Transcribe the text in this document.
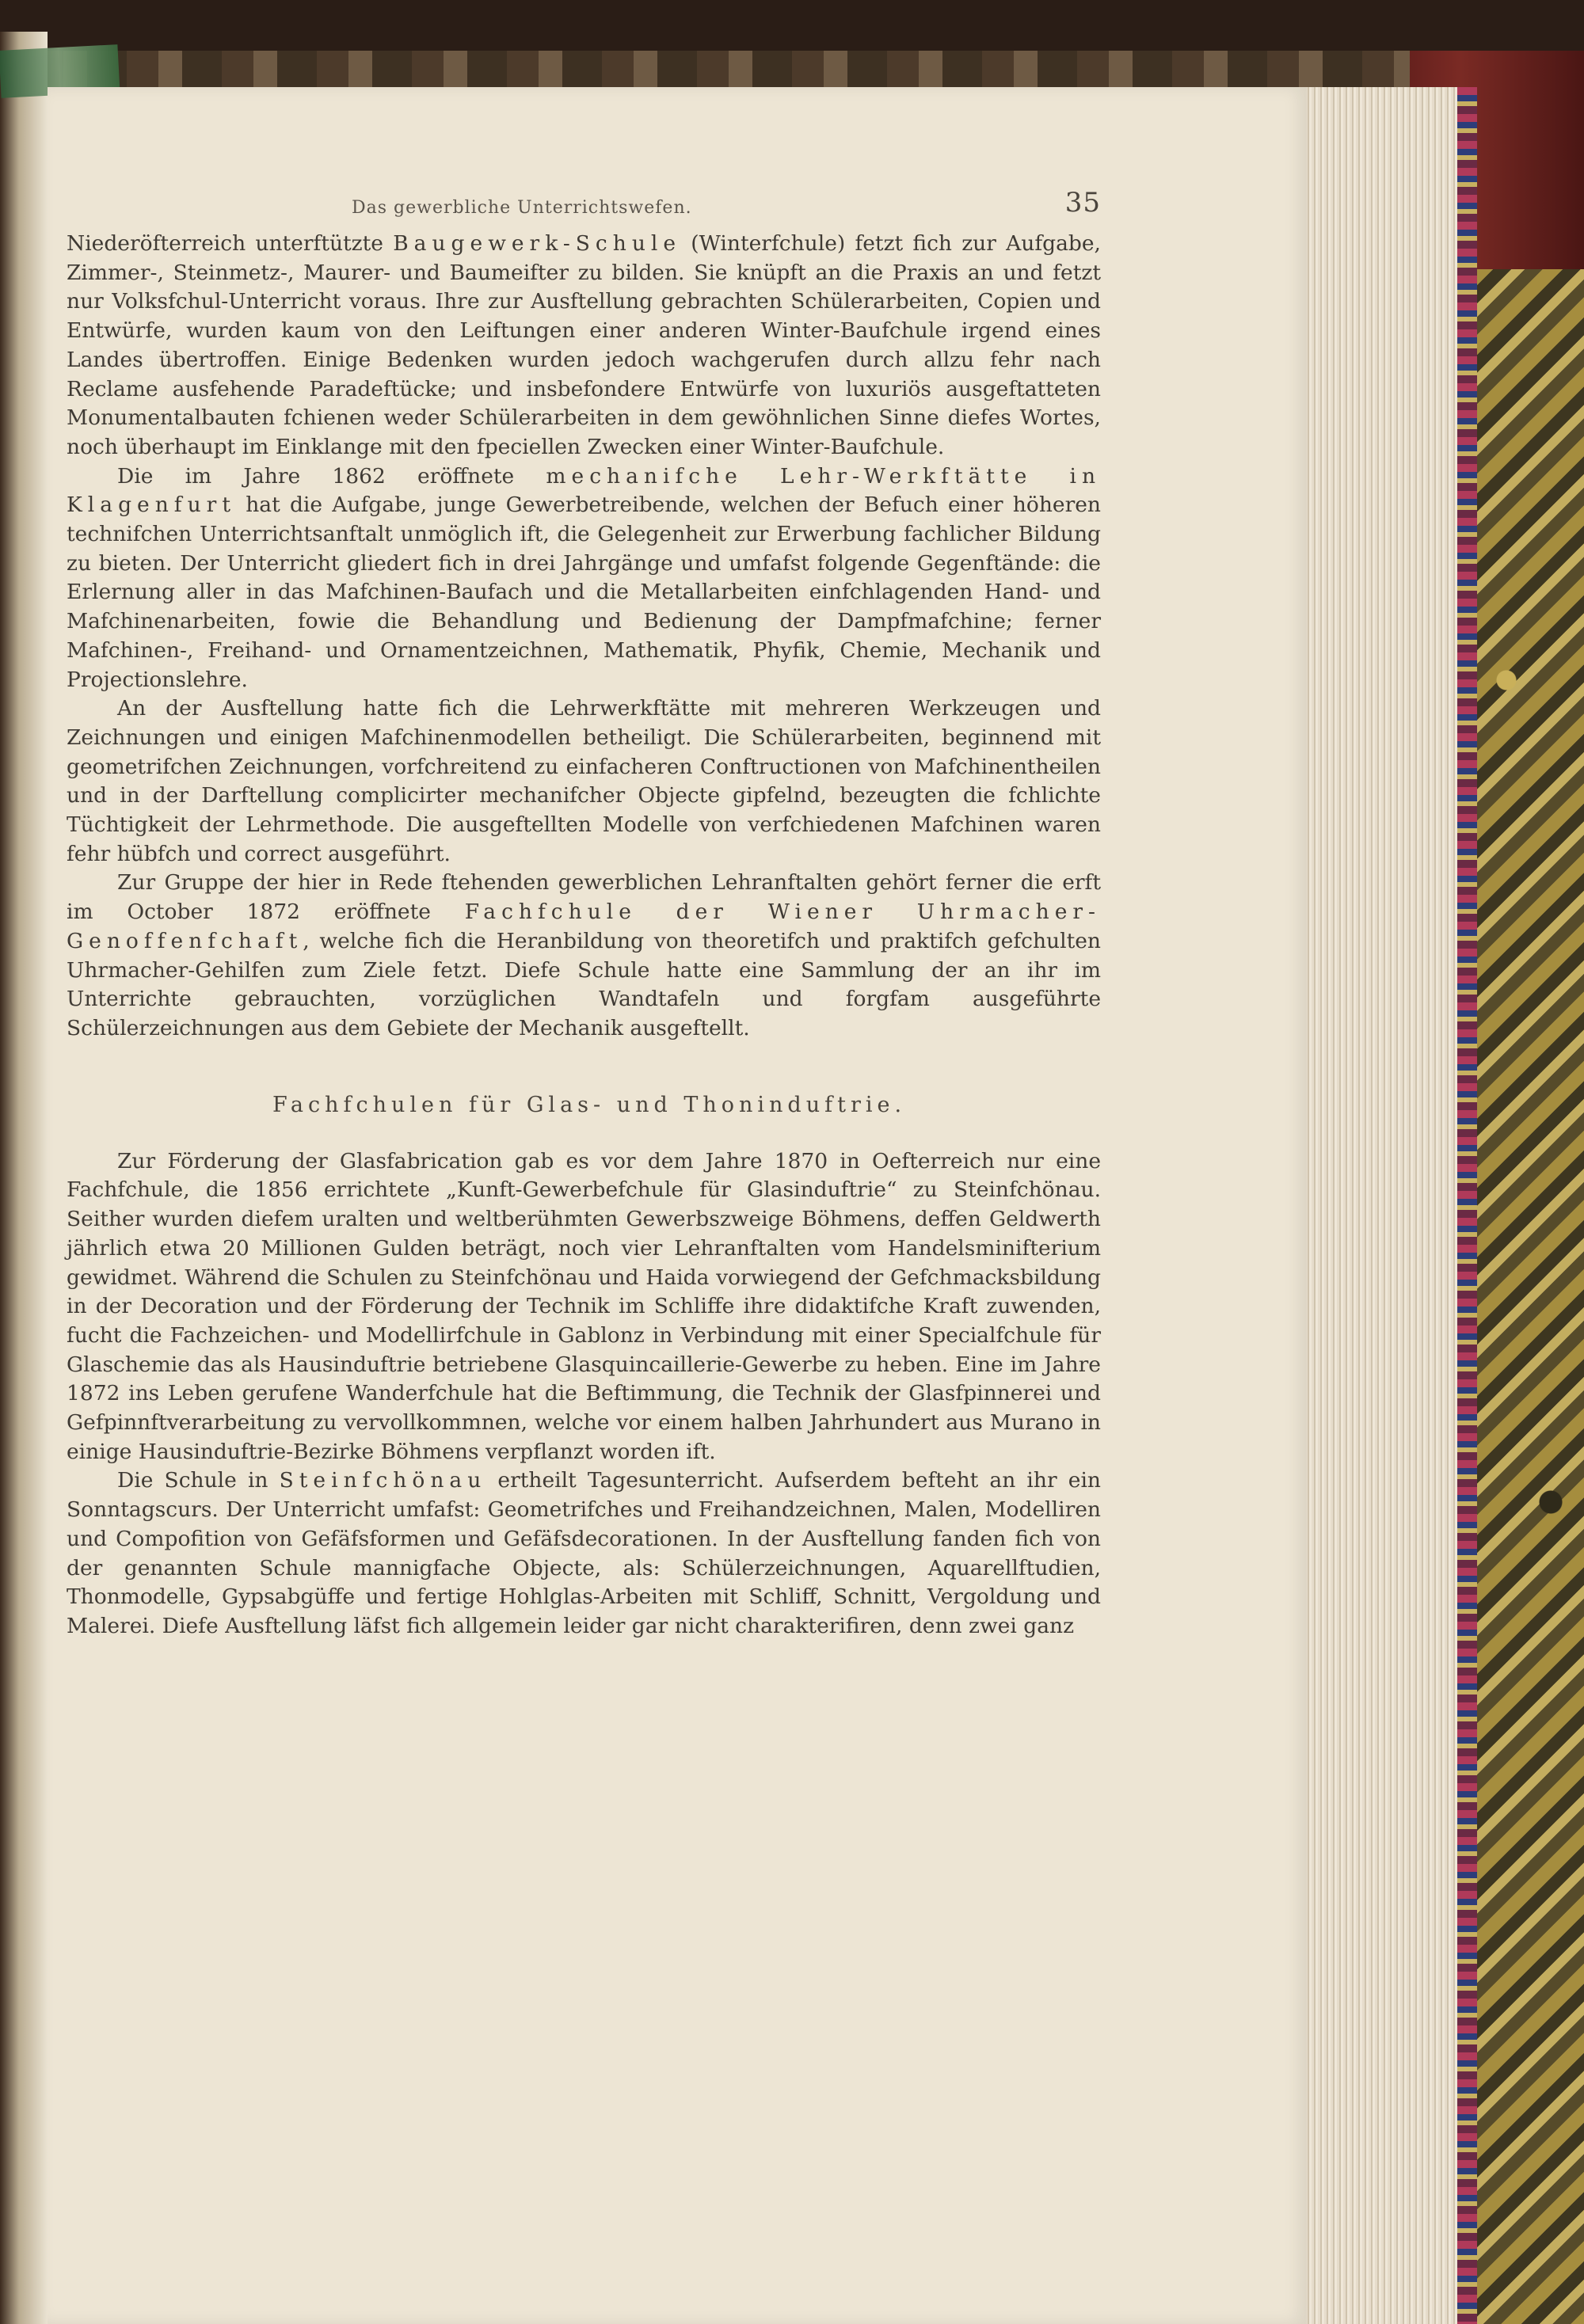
Das gewerbliche Unterrichtswefen.	35

Niederöfterreich unterftützte Baugewerk-Schule (Winterfchule) fetzt fich zur Aufgabe, Zimmer-, Steinmetz-, Maurer- und Baumeifter zu bilden. Sie knüpft an die Praxis an und fetzt nur Volksfchul-Unterricht voraus. Ihre zur Ausftellung gebrachten Schülerarbeiten, Copien und Entwürfe, wurden kaum von den Leiftungen einer anderen Winter-Baufchule irgend eines Landes übertroffen. Einige Bedenken wurden jedoch wachgerufen durch allzu fehr nach Reclame ausfehende Paradeftücke; und insbefondere Entwürfe von luxuriös ausgeftatteten Monumentalbauten fchienen weder Schülerarbeiten in dem gewöhnlichen Sinne diefes Wortes, noch überhaupt im Einklange mit den fpeciellen Zwecken einer Winter-Baufchule.

Die im Jahre 1862 eröffnete mechanifche Lehr-Werkftätte in Klagenfurt hat die Aufgabe, junge Gewerbetreibende, welchen der Befuch einer höheren technifchen Unterrichtsanftalt unmöglich ift, die Gelegenheit zur Erwerbung fachlicher Bildung zu bieten. Der Unterricht gliedert fich in drei Jahrgänge und umfafst folgende Gegenftände: die Erlernung aller in das Mafchinen-Baufach und die Metallarbeiten einfchlagenden Hand- und Mafchinenarbeiten, fowie die Behandlung und Bedienung der Dampfmafchine; ferner Mafchinen-, Freihand- und Ornamentzeichnen, Mathematik, Phyfik, Chemie, Mechanik und Projectionslehre.

An der Ausftellung hatte fich die Lehrwerkftätte mit mehreren Werkzeugen und Zeichnungen und einigen Mafchinenmodellen betheiligt. Die Schülerarbeiten, beginnend mit geometrifchen Zeichnungen, vorfchreitend zu einfacheren Conftructionen von Mafchinentheilen und in der Darftellung complicirter mechanifcher Objecte gipfelnd, bezeugten die fchlichte Tüchtigkeit der Lehrmethode. Die ausgeftellten Modelle von verfchiedenen Mafchinen waren fehr hübfch und correct ausgeführt.

Zur Gruppe der hier in Rede ftehenden gewerblichen Lehranftalten gehört ferner die erft im October 1872 eröffnete Fachfchule der Wiener Uhrmacher-Genoffenfchaft, welche fich die Heranbildung von theoretifch und praktifch gefchulten Uhrmacher-Gehilfen zum Ziele fetzt. Diefe Schule hatte eine Sammlung der an ihr im Unterrichte gebrauchten, vorzüglichen Wandtafeln und forgfam ausgeführte Schülerzeichnungen aus dem Gebiete der Mechanik ausgeftellt.

Fachfchulen für Glas- und Thoninduftrie.

Zur Förderung der Glasfabrication gab es vor dem Jahre 1870 in Oefterreich nur eine Fachfchule, die 1856 errichtete „Kunft-Gewerbefchule für Glasinduftrie“ zu Steinfchönau. Seither wurden diefem uralten und weltberühmten Gewerbszweige Böhmens, deffen Geldwerth jährlich etwa 20 Millionen Gulden beträgt, noch vier Lehranftalten vom Handelsminifterium gewidmet. Während die Schulen zu Steinfchönau und Haida vorwiegend der Gefchmacksbildung in der Decoration und der Förderung der Technik im Schliffe ihre didaktifche Kraft zuwenden, fucht die Fachzeichen- und Modellirfchule in Gablonz in Verbindung mit einer Specialfchule für Glaschemie das als Hausinduftrie betriebene Glasquincaillerie-Gewerbe zu heben. Eine im Jahre 1872 ins Leben gerufene Wanderfchule hat die Beftimmung, die Technik der Glasfpinnerei und Gefpinnftverarbeitung zu vervollkommnen, welche vor einem halben Jahrhundert aus Murano in einige Hausinduftrie-Bezirke Böhmens verpflanzt worden ift.

Die Schule in Steinfchönau ertheilt Tagesunterricht. Aufserdem befteht an ihr ein Sonntagscurs. Der Unterricht umfafst: Geometrifches und Freihandzeichnen, Malen, Modelliren und Compofition von Gefäfsformen und Gefäfsdecorationen. In der Ausftellung fanden fich von der genannten Schule mannigfache Objecte, als: Schülerzeichnungen, Aquarellftudien, Thonmodelle, Gypsabgüffe und fertige Hohlglas-Arbeiten mit Schliff, Schnitt, Vergoldung und Malerei. Diefe Ausftellung läfst fich allgemein leider gar nicht charakterifiren, denn zwei ganz
